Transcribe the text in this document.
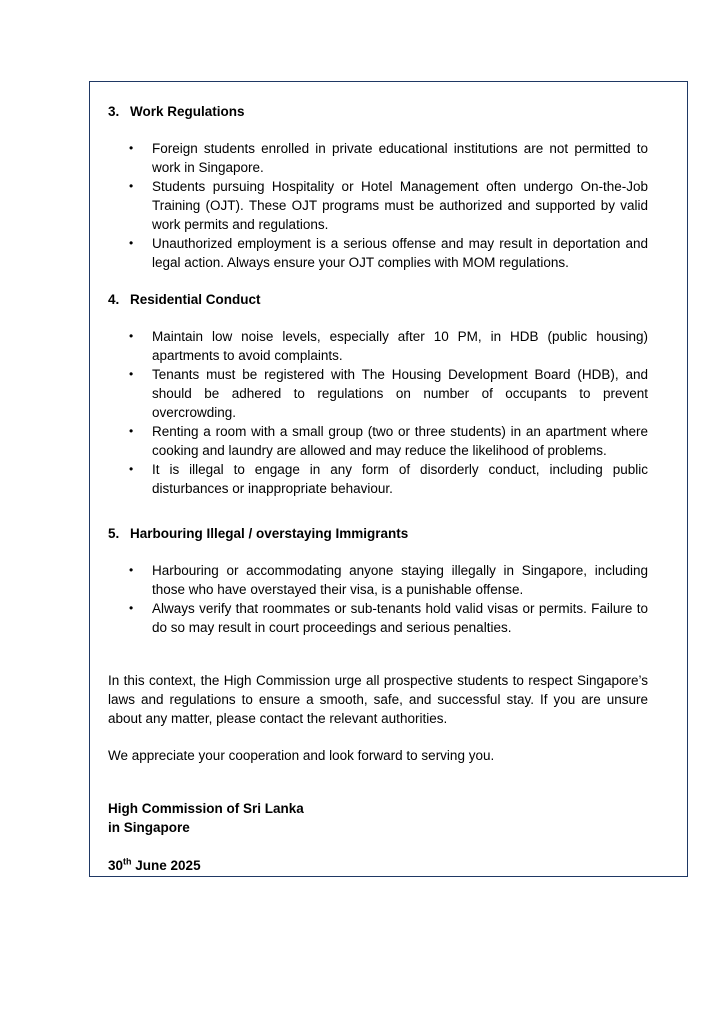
3. Work Regulations

• Foreign students enrolled in private educational institutions are not permitted to work in Singapore.
• Students pursuing Hospitality or Hotel Management often undergo On-the-Job Training (OJT). These OJT programs must be authorized and supported by valid work permits and regulations.
• Unauthorized employment is a serious offense and may result in deportation and legal action. Always ensure your OJT complies with MOM regulations.

4. Residential Conduct

• Maintain low noise levels, especially after 10 PM, in HDB (public housing) apartments to avoid complaints.
• Tenants must be registered with The Housing Development Board (HDB), and should be adhered to regulations on number of occupants to prevent overcrowding.
• Renting a room with a small group (two or three students) in an apartment where cooking and laundry are allowed and may reduce the likelihood of problems.
• It is illegal to engage in any form of disorderly conduct, including public disturbances or inappropriate behaviour.

5. Harbouring Illegal / overstaying Immigrants

• Harbouring or accommodating anyone staying illegally in Singapore, including those who have overstayed their visa, is a punishable offense.
• Always verify that roommates or sub-tenants hold valid visas or permits. Failure to do so may result in court proceedings and serious penalties.

In this context, the High Commission urge all prospective students to respect Singapore’s laws and regulations to ensure a smooth, safe, and successful stay. If you are unsure about any matter, please contact the relevant authorities.

We appreciate your cooperation and look forward to serving you.

High Commission of Sri Lanka

in Singapore

30th June 2025
